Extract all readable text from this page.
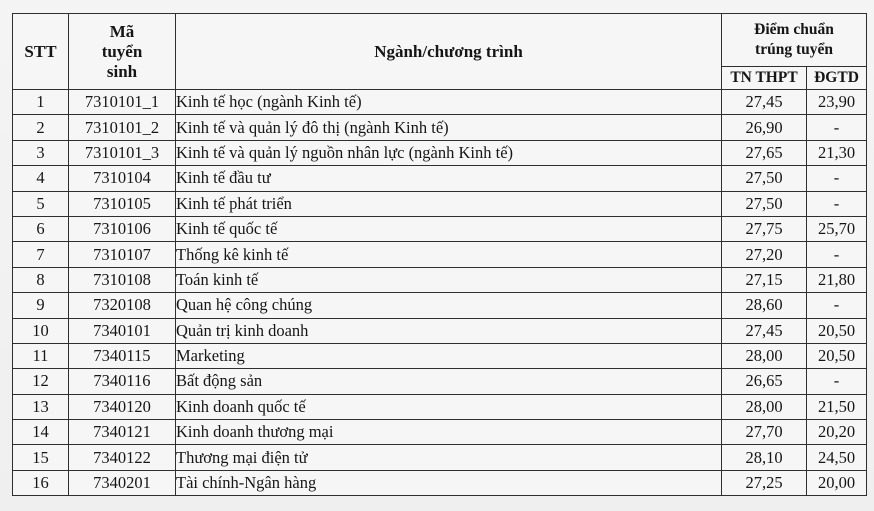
STT	Mã
tuyển
sinh	Ngành/chương trình	Điểm chuẩn
trúng tuyển	

			TN THPT	ĐGTD
1	7310101_1	Kinh tế học (ngành Kinh tế)	27,45	23,90
2	7310101_2	Kinh tế và quản lý đô thị (ngành Kinh tế)	26,90	-
3	7310101_3	Kinh tế và quản lý nguồn nhân lực (ngành Kinh tế)	27,65	21,30
4	7310104	Kinh tế đầu tư	27,50	-
5	7310105	Kinh tế phát triển	27,50	-
6	7310106	Kinh tế quốc tế	27,75	25,70
7	7310107	Thống kê kinh tế	27,20	-
8	7310108	Toán kinh tế	27,15	21,80
9	7320108	Quan hệ công chúng	28,60	-
10	7340101	Quản trị kinh doanh	27,45	20,50
11	7340115	Marketing	28,00	20,50
12	7340116	Bất động sản	26,65	-
13	7340120	Kinh doanh quốc tế	28,00	21,50
14	7340121	Kinh doanh thương mại	27,70	20,20
15	7340122	Thương mại điện tử	28,10	24,50
16	7340201	Tài chính-Ngân hàng	27,25	20,00
